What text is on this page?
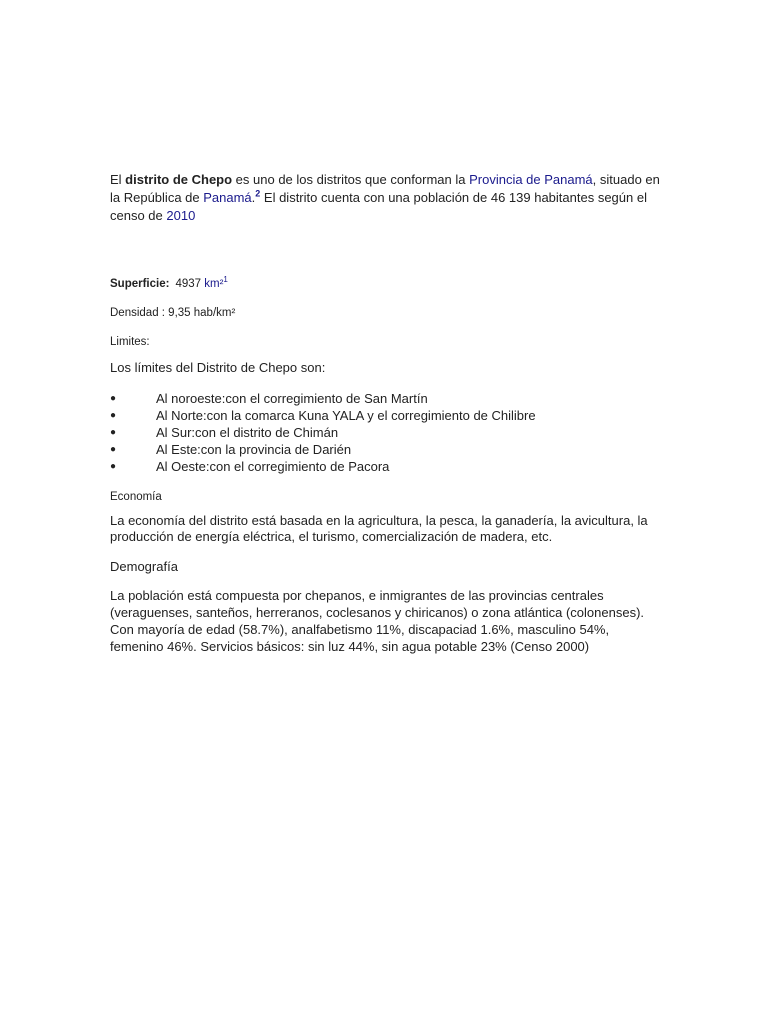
El distrito de Chepo es uno de los distritos que conforman la Provincia de Panamá, situado en la República de Panamá.$^2$ El distrito cuenta con una población de 46 139 habitantes según el censo de 2010

Superficie: 4937 km²$^1$

Densidad : 9,35 hab/km²

Limites:

Los límites del Distrito de Chepo son:

●	Al noroeste:con el corregimiento de San Martín
●	Al Norte:con la comarca Kuna YALA y el corregimiento de Chilibre
●	Al Sur:con el distrito de Chimán
●	Al Este:con la provincia de Darién
●	Al Oeste:con el corregimiento de Pacora

Economía

La economía del distrito está basada en la agricultura, la pesca, la ganadería, la avicultura, la producción de energía eléctrica, el turismo, comercialización de madera, etc.

Demografía

La población está compuesta por chepanos, e inmigrantes de las provincias centrales (veraguenses, santeños, herreranos, coclesanos y chiricanos) o zona atlántica (colonenses). Con mayoría de edad (58.7%), analfabetismo 11%, discapaciad 1.6%, masculino 54%, femenino 46%. Servicios básicos: sin luz 44%, sin agua potable 23% (Censo 2000)
